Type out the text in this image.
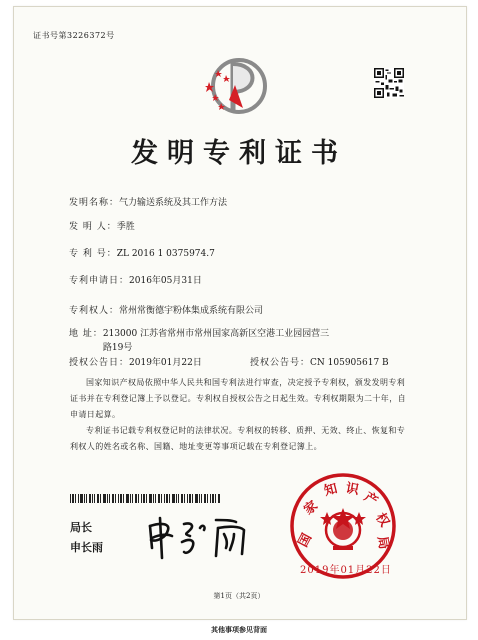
证书号第3226372号
发明专利证书
发明名称：气力输送系统及其工作方法
发 明 人：季胜
专 利 号：ZL 2016 1 0375974.7
专利申请日：2016年05月31日
专利权人：常州常衡德宇粉体集成系统有限公司
地 址： 213000 江苏省常州市常州国家高新区空港工业园园营三
路19号
授权公告日：2019年01月22日	授权公告号：CN 105905617 B
国家知识产权局依照中华人民共和国专利法进行审查，决定授予专利权，颁发发明专利
证书并在专利登记簿上予以登记。专利权自授权公告之日起生效。专利权期限为二十年，自
申请日起算。
专利证书记载专利权登记时的法律状况。专利权的转移、质押、无效、终止、恢复和专
利权人的姓名或名称、国籍、地址变更等事项记载在专利登记簿上。
局长
申长雨	国
家
知 识
产
权
局
2019年01月22日
第1页（共2页）
其他事项参见背面
